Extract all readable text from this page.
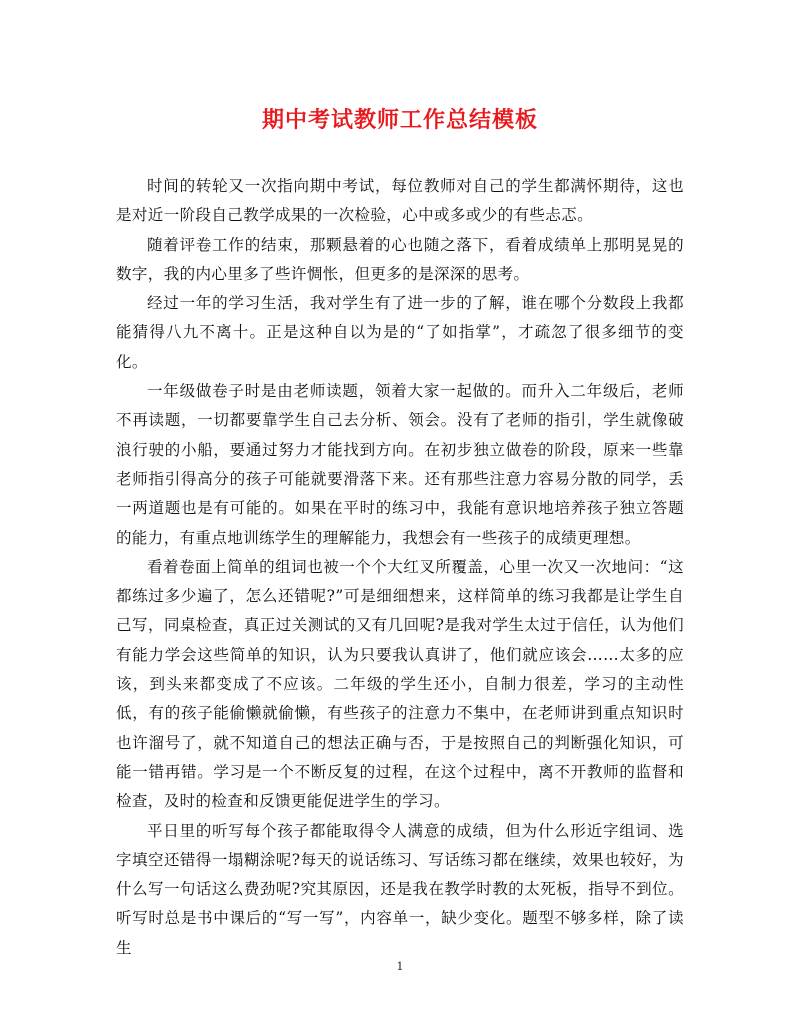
期中考试教师工作总结模板

时间的转轮又一次指向期中考试，每位教师对自己的学生都满怀期待，这也是对近一阶段自己教学成果的一次检验，心中或多或少的有些忐忑。

随着评卷工作的结束，那颗悬着的心也随之落下，看着成绩单上那明晃晃的数字，我的内心里多了些许惆怅，但更多的是深深的思考。

经过一年的学习生活，我对学生有了进一步的了解，谁在哪个分数段上我都能猜得八九不离十。正是这种自以为是的“了如指掌”，才疏忽了很多细节的变化。

一年级做卷子时是由老师读题，领着大家一起做的。而升入二年级后，老师不再读题，一切都要靠学生自己去分析、领会。没有了老师的指引，学生就像破浪行驶的小船，要通过努力才能找到方向。在初步独立做卷的阶段，原来一些靠老师指引得高分的孩子可能就要滑落下来。还有那些注意力容易分散的同学，丢一两道题也是有可能的。如果在平时的练习中，我能有意识地培养孩子独立答题的能力，有重点地训练学生的理解能力，我想会有一些孩子的成绩更理想。

看着卷面上简单的组词也被一个个大红叉所覆盖，心里一次又一次地问：“这都练过多少遍了，怎么还错呢?”可是细细想来，这样简单的练习我都是让学生自己写，同桌检查，真正过关测试的又有几回呢?是我对学生太过于信任，认为他们有能力学会这些简单的知识，认为只要我认真讲了，他们就应该会……太多的应该，到头来都变成了不应该。二年级的学生还小，自制力很差，学习的主动性低，有的孩子能偷懒就偷懒，有些孩子的注意力不集中，在老师讲到重点知识时也许溜号了，就不知道自己的想法正确与否，于是按照自己的判断强化知识，可能一错再错。学习是一个不断反复的过程，在这个过程中，离不开教师的监督和检查，及时的检查和反馈更能促进学生的学习。

平日里的听写每个孩子都能取得令人满意的成绩，但为什么形近字组词、选字填空还错得一塌糊涂呢?每天的说话练习、写话练习都在继续，效果也较好，为什么写一句话这么费劲呢?究其原因，还是我在教学时教的太死板，指导不到位。听写时总是书中课后的“写一写”，内容单一，缺少变化。题型不够多样，除了读生

1
